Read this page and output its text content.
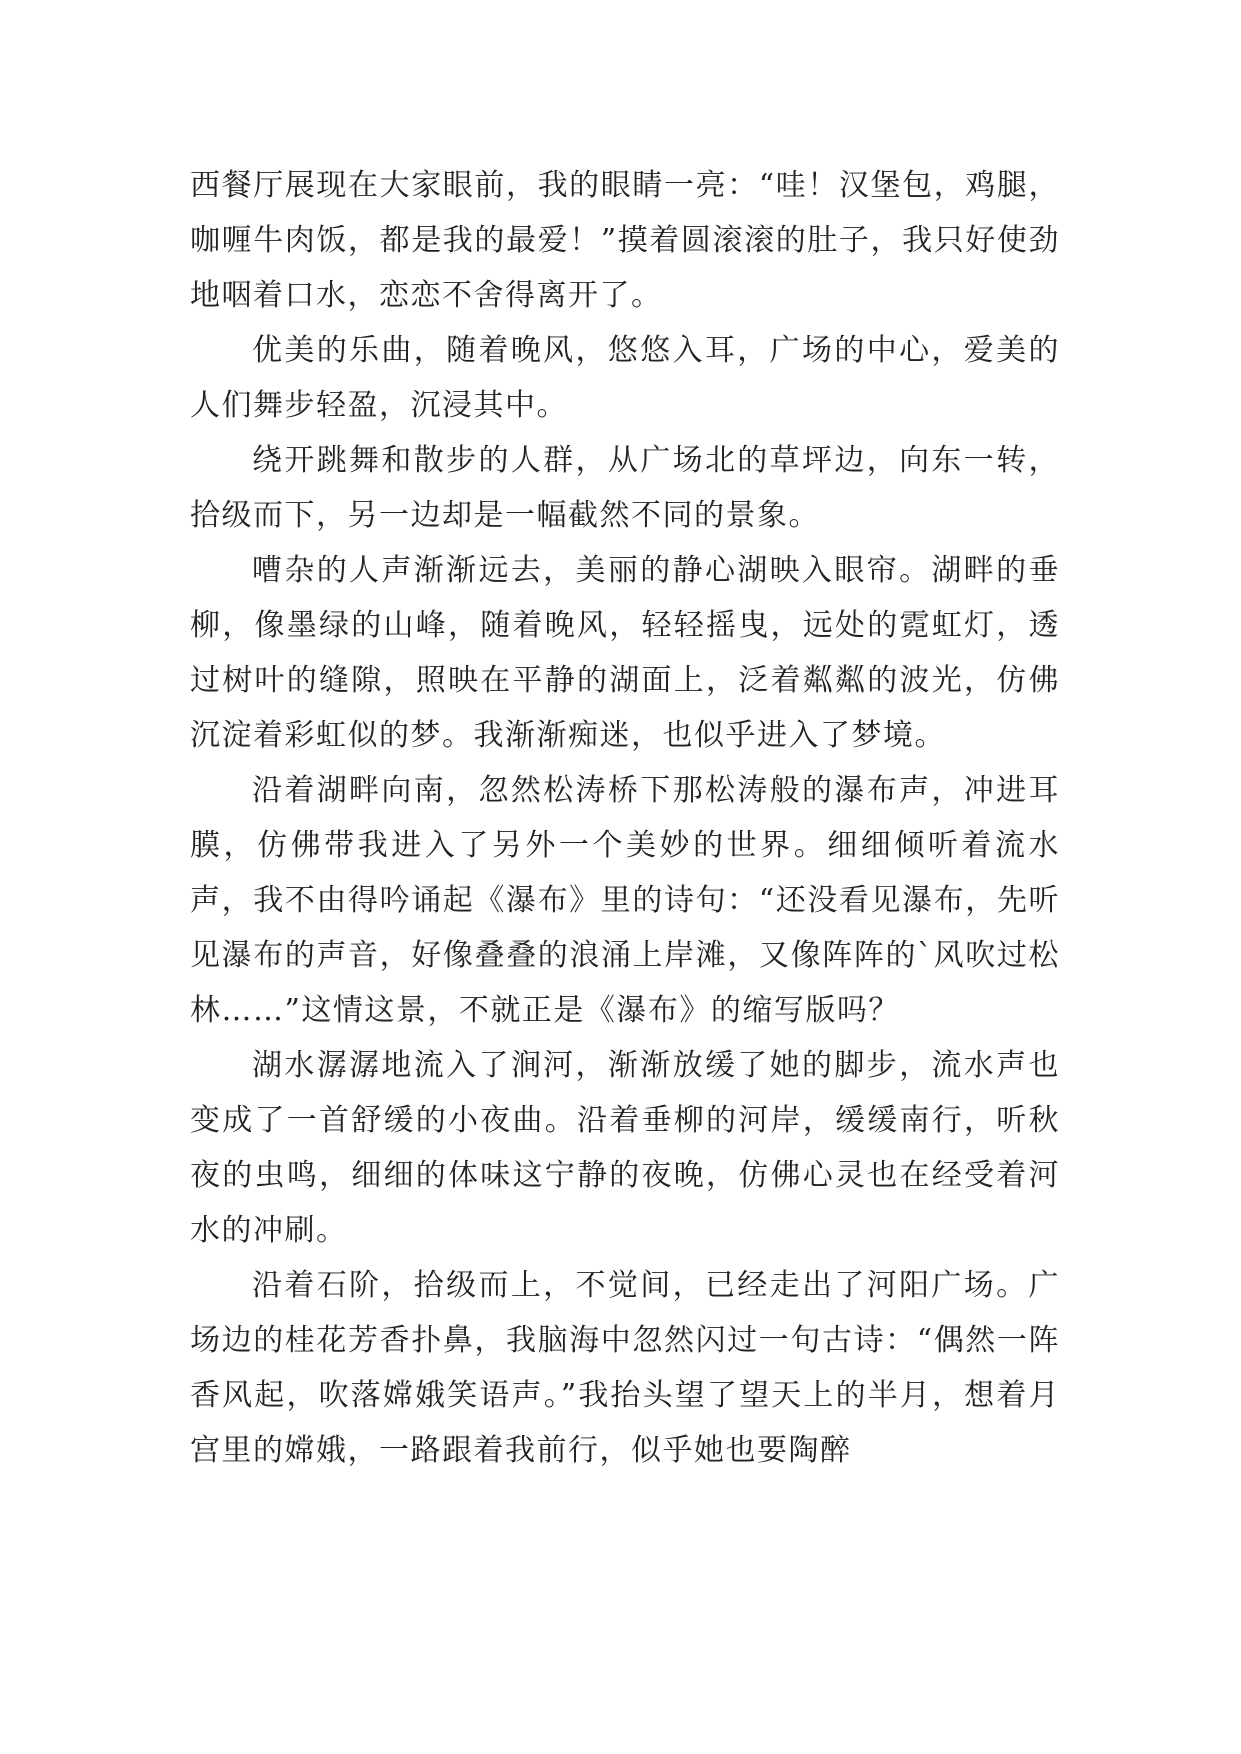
西餐厅展现在大家眼前，我的眼睛一亮：“哇！汉堡包，鸡腿，咖喱牛肉饭，都是我的最爱！”摸着圆滚滚的肚子，我只好使劲地咽着口水，恋恋不舍得离开了。

优美的乐曲，随着晚风，悠悠入耳，广场的中心，爱美的人们舞步轻盈，沉浸其中。

绕开跳舞和散步的人群，从广场北的草坪边，向东一转，拾级而下，另一边却是一幅截然不同的景象。

嘈杂的人声渐渐远去，美丽的静心湖映入眼帘。湖畔的垂柳，像墨绿的山峰，随着晚风，轻轻摇曳，远处的霓虹灯，透过树叶的缝隙，照映在平静的湖面上，泛着粼粼的波光，仿佛沉淀着彩虹似的梦。我渐渐痴迷，也似乎进入了梦境。

沿着湖畔向南，忽然松涛桥下那松涛般的瀑布声，冲进耳膜，仿佛带我进入了另外一个美妙的世界。细细倾听着流水声，我不由得吟诵起《瀑布》里的诗句：“还没看见瀑布，先听见瀑布的声音，好像叠叠的浪涌上岸滩，又像阵阵的`风吹过松林……”这情这景，不就正是《瀑布》的缩写版吗？

湖水潺潺地流入了涧河，渐渐放缓了她的脚步，流水声也变成了一首舒缓的小夜曲。沿着垂柳的河岸，缓缓南行，听秋夜的虫鸣，细细的体味这宁静的夜晚，仿佛心灵也在经受着河水的冲刷。

沿着石阶，拾级而上，不觉间，已经走出了河阳广场。广场边的桂花芳香扑鼻，我脑海中忽然闪过一句古诗：“偶然一阵香风起，吹落嫦娥笑语声。”我抬头望了望天上的半月，想着月宫里的嫦娥，一路跟着我前行，似乎她也要陶醉
